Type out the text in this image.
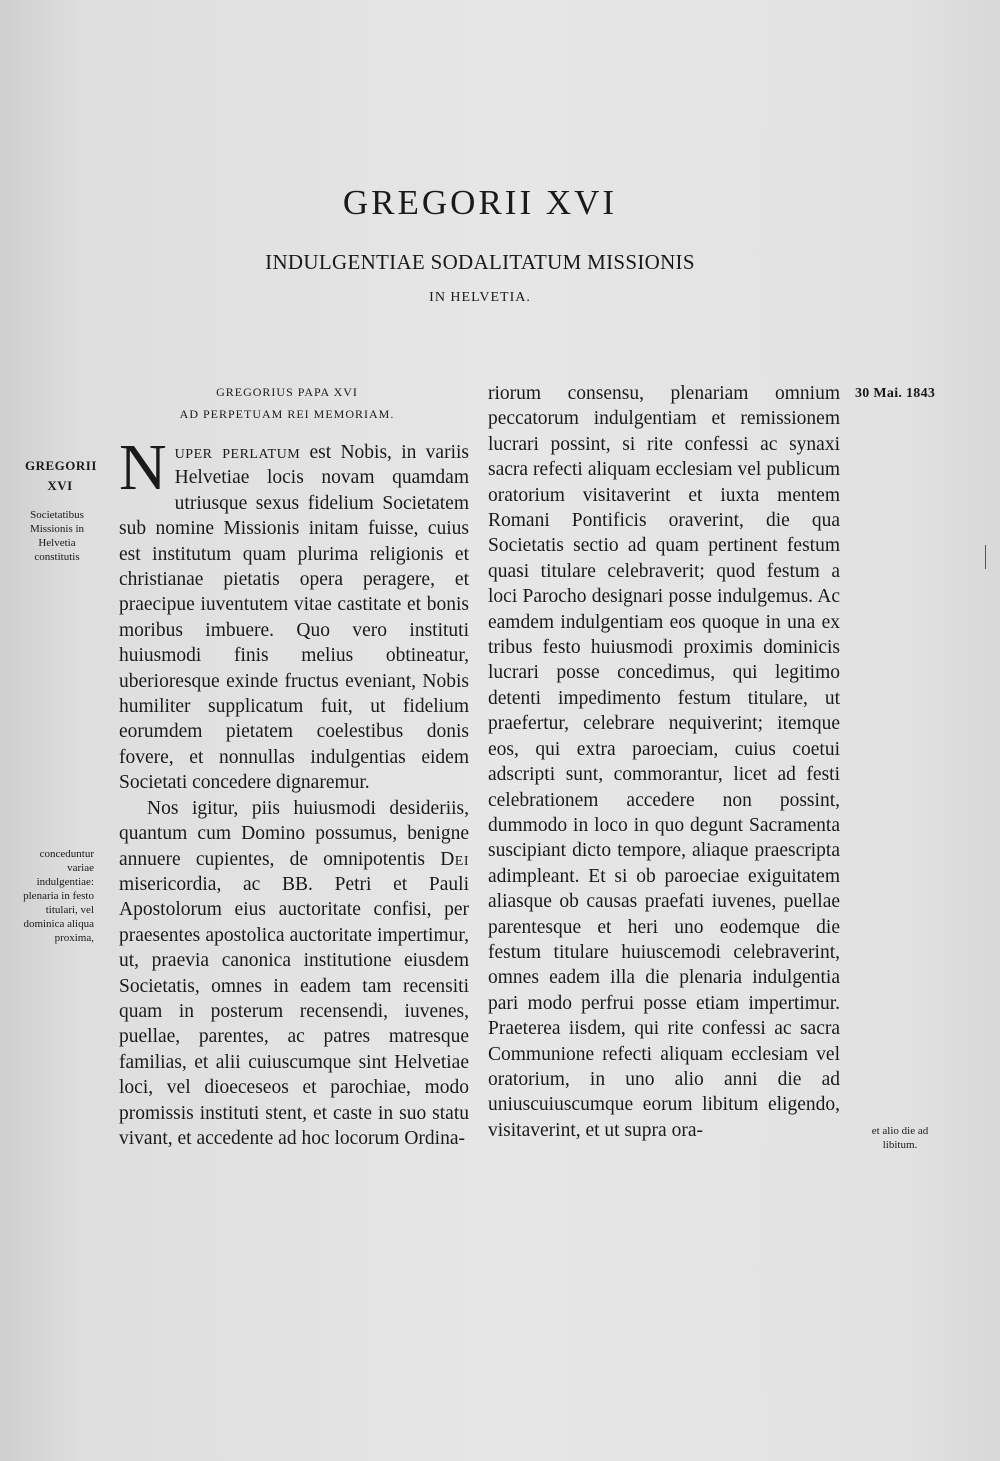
GREGORII XVI
INDULGENTIAE SODALITATUM MISSIONIS
IN HELVETIA.
GREGORIUS PAPA XVI
AD PERPETUAM REI MEMORIAM.
GREGORII
XVI
Societatibus Missionis in Helvetia constitutis
conceduntur variae indulgentiae: plenaria in festo titulari, vel dominica aliqua proxima,
30 Mai. 1843
et alio die ad libitum.

Nuper perlatum est Nobis, in variis Helvetiae locis novam quamdam utriusque sexus fidelium Societatem sub nomine Missionis initam fuisse, cuius est institutum quam plurima religionis et christianae pietatis opera peragere, et praecipue iuventutem vitae castitate et bonis moribus imbuere. Quo vero instituti huiusmodi finis melius obtineatur, uberioresque exinde fructus eveniant, Nobis humiliter supplicatum fuit, ut fidelium eorumdem pietatem coelestibus donis fovere, et nonnullas indulgentias eidem Societati concedere dignaremur.

Nos igitur, piis huiusmodi desideriis, quantum cum Domino possumus, benigne annuere cupientes, de omnipotentis Dei misericordia, ac BB. Petri et Pauli Apostolorum eius auctoritate confisi, per praesentes apostolica auctoritate impertimur, ut, praevia canonica institutione eiusdem Societatis, omnes in eadem tam recensiti quam in posterum recensendi, iuvenes, puellae, parentes, ac patres matresque familias, et alii cuiuscumque sint Helvetiae loci, vel dioeceseos et parochiae, modo promissis instituti stent, et caste in suo statu vivant, et accedente ad hoc locorum Ordina-

riorum consensu, plenariam omnium peccatorum indulgentiam et remissionem lucrari possint, si rite confessi ac synaxi sacra refecti aliquam ecclesiam vel publicum oratorium visitaverint et iuxta mentem Romani Pontificis oraverint, die qua Societatis sectio ad quam pertinent festum quasi titulare celebraverit; quod festum a loci Parocho designari posse indulgemus. Ac eamdem indulgentiam eos quoque in una ex tribus festo huiusmodi proximis dominicis lucrari posse concedimus, qui legitimo detenti impedimento festum titulare, ut praefertur, celebrare nequiverint; itemque eos, qui extra paroeciam, cuius coetui adscripti sunt, commorantur, licet ad festi celebrationem accedere non possint, dummodo in loco in quo degunt Sacramenta suscipiant dicto tempore, aliaque praescripta adimpleant. Et si ob paroeciae exiguitatem aliasque ob causas praefati iuvenes, puellae parentesque et heri uno eodemque die festum titulare huiuscemodi celebraverint, omnes eadem illa die plenaria indulgentia pari modo perfrui posse etiam impertimur. Praeterea iisdem, qui rite confessi ac sacra Communione refecti aliquam ecclesiam vel oratorium, in uno alio anni die ad uniuscuiuscumque eorum libitum eligendo, visitaverint, et ut supra ora-
